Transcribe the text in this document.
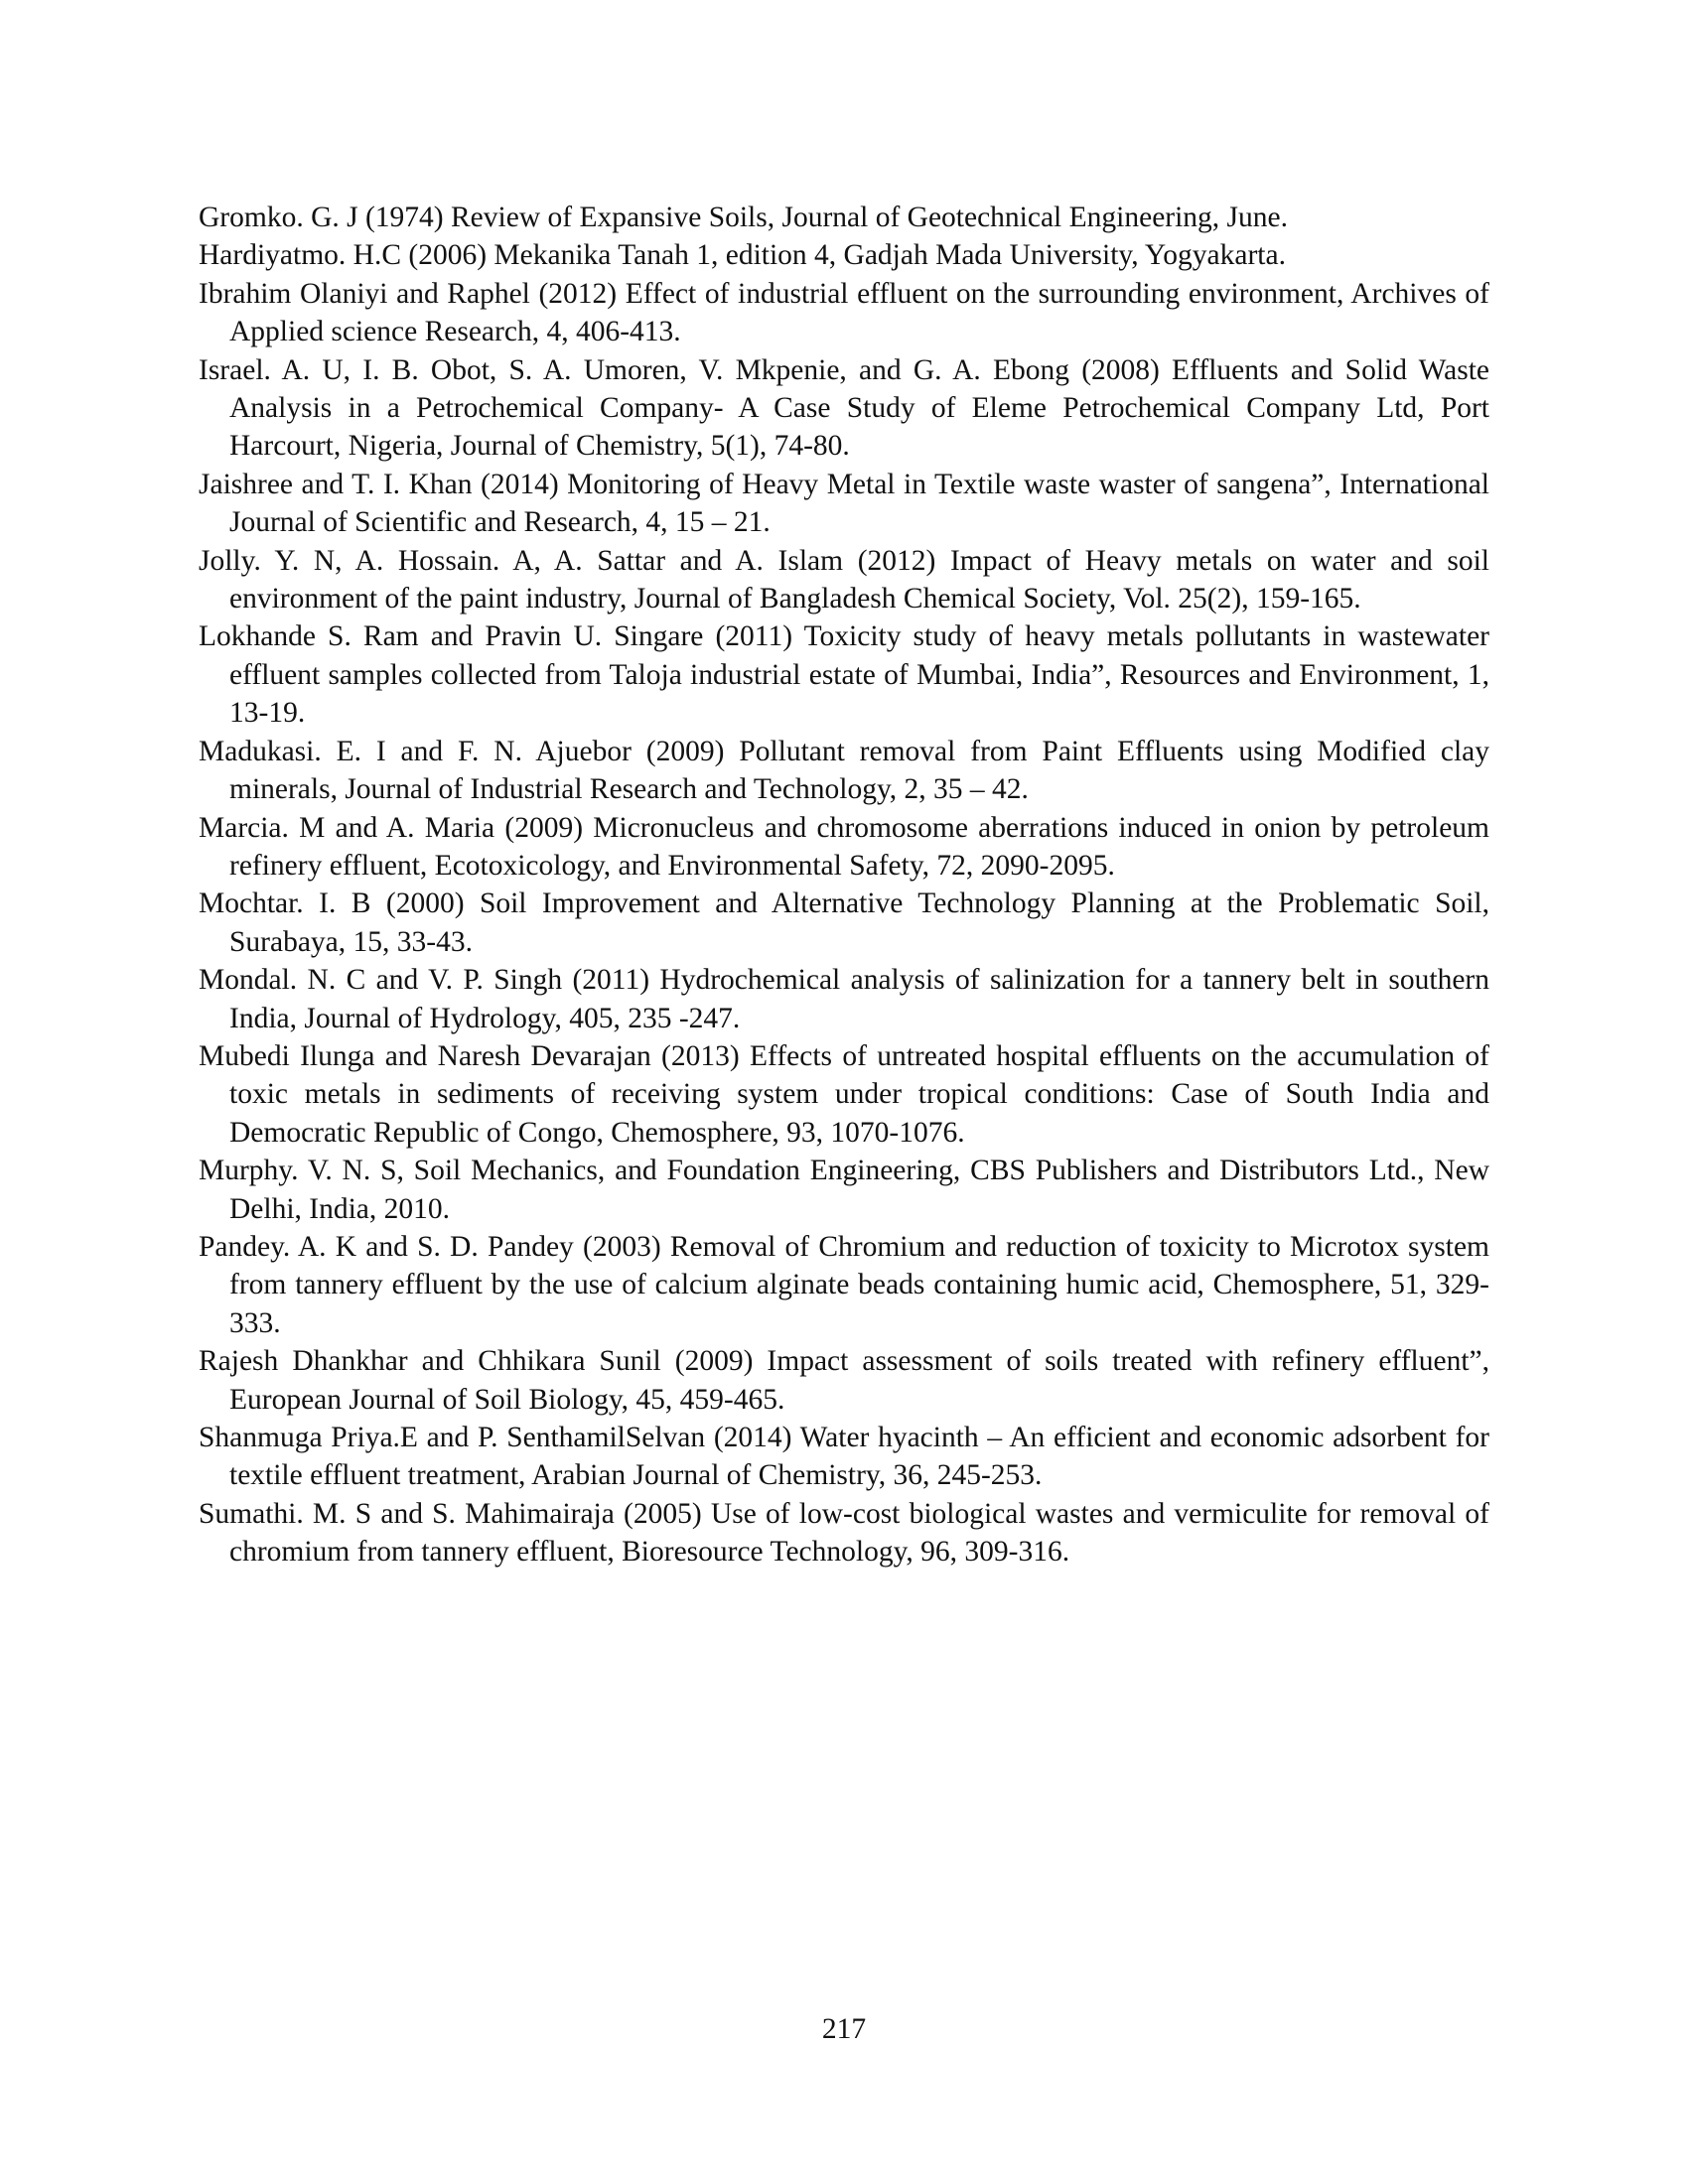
Gromko. G. J (1974) Review of Expansive Soils, Journal of Geotechnical Engineering, June.

Hardiyatmo. H.C (2006) Mekanika Tanah 1, edition 4, Gadjah Mada University, Yogyakarta.

Ibrahim Olaniyi and Raphel (2012) Effect of industrial effluent on the surrounding environment, Archives of Applied science Research, 4, 406-413.

Israel. A. U, I. B. Obot, S. A. Umoren, V. Mkpenie, and G. A. Ebong (2008) Effluents and Solid Waste Analysis in a Petrochemical Company- A Case Study of Eleme Petrochemical Company Ltd, Port Harcourt, Nigeria, Journal of Chemistry, 5(1), 74-80.

Jaishree and T. I. Khan (2014) Monitoring of Heavy Metal in Textile waste waster of sangena”, International Journal of Scientific and Research, 4, 15 – 21.

Jolly. Y. N, A. Hossain. A, A. Sattar and A. Islam (2012) Impact of Heavy metals on water and soil environment of the paint industry, Journal of Bangladesh Chemical Society, Vol. 25(2), 159-165.

Lokhande S. Ram and Pravin U. Singare (2011) Toxicity study of heavy metals pollutants in wastewater effluent samples collected from Taloja industrial estate of Mumbai, India”, Resources and Environment, 1, 13-19.

Madukasi. E. I and F. N. Ajuebor (2009) Pollutant removal from Paint Effluents using Modified clay minerals, Journal of Industrial Research and Technology, 2, 35 – 42.

Marcia. M and A. Maria (2009) Micronucleus and chromosome aberrations induced in onion by petroleum refinery effluent, Ecotoxicology, and Environmental Safety, 72, 2090-2095.

Mochtar. I. B (2000) Soil Improvement and Alternative Technology Planning at the Problematic Soil, Surabaya, 15, 33-43.

Mondal. N. C and V. P. Singh (2011) Hydrochemical analysis of salinization for a tannery belt in southern India, Journal of Hydrology, 405, 235 -247.

Mubedi Ilunga and Naresh Devarajan (2013) Effects of untreated hospital effluents on the accumulation of toxic metals in sediments of receiving system under tropical conditions: Case of South India and Democratic Republic of Congo, Chemosphere, 93, 1070-1076.

Murphy. V. N. S, Soil Mechanics, and Foundation Engineering, CBS Publishers and Distributors Ltd., New Delhi, India, 2010.

Pandey. A. K and S. D. Pandey (2003) Removal of Chromium and reduction of toxicity to Microtox system from tannery effluent by the use of calcium alginate beads containing humic acid, Chemosphere, 51, 329-333.

Rajesh Dhankhar and Chhikara Sunil (2009) Impact assessment of soils treated with refinery effluent”, European Journal of Soil Biology, 45, 459-465.

Shanmuga Priya.E and P. SenthamilSelvan (2014) Water hyacinth – An efficient and economic adsorbent for textile effluent treatment, Arabian Journal of Chemistry, 36, 245-253.

Sumathi. M. S and S. Mahimairaja (2005) Use of low-cost biological wastes and vermiculite for removal of chromium from tannery effluent, Bioresource Technology, 96, 309-316.

217
